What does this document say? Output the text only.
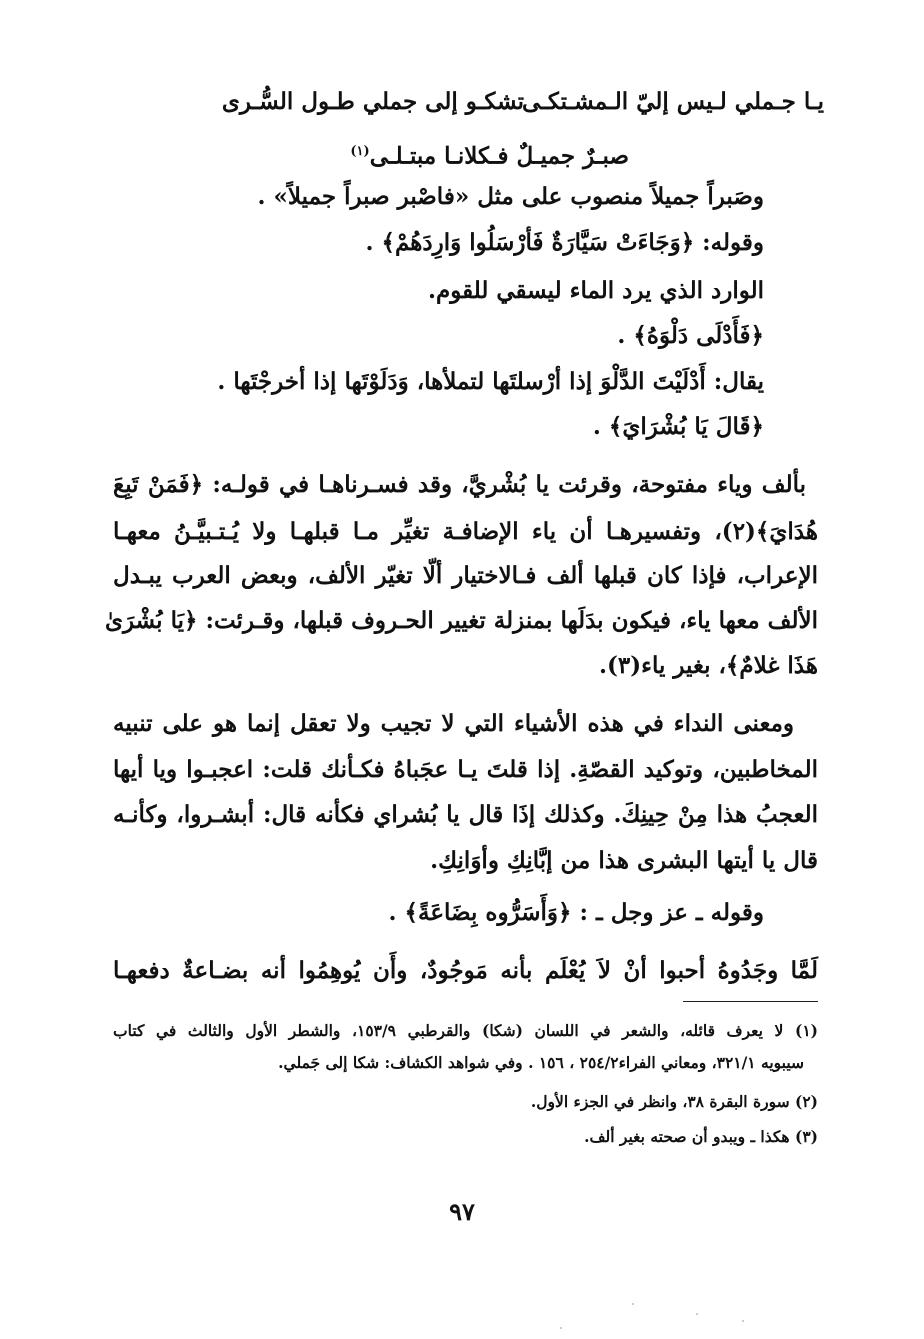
يـا جـملي لـيس إليّ الـمشـتكـى
تشكـو إلى جملي طـول السُّـرى
صبـرٌ جميـلٌ فـكلانـا مبتـلـى$^{(١)}$
وصَبراً جميلاً منصوب على مثل «فاصْبر صبراً جميلاً» .
وقوله: ﴿وَجَاءَتْ سَيَّارَةٌ فَأرْسَلُوا وَارِدَهُمْ﴾ .
الوارد الذي يرد الماء ليسقي للقوم.
﴿فَأَدْلَى دَلْوَهُ﴾ .
يقال: أَدْلَيْتَ الدَّلْوَ إذا أرْسلتَها لتملأها، وَدَلَوْتَها إذا أخرجْتَها .
﴿قَالَ يَا بُشْرَايَ﴾ .
بألف وياء مفتوحة، وقرئت يا بُشْريَّ، وقد فسـرناهـا في قولـه: ﴿فَمَنْ تَبِعَ
هُدَايَ﴾(٢)، وتفسيرهـا أن ياء الإضافـة تغيِّر مـا قبلهـا ولا يُـتـبيَّـنُ معهـا
الإعراب، فإذا كان قبلها ألف فـالاختيار ألّا تغيّر الألف، وبعض العرب يبـدل
الألف معها ياء، فيكون بدَلَها بمنزلة تغيير الحـروف قبلها، وقـرئت: ﴿يَا بُشْرَىٰ
هَذَا غلامٌ﴾، بغير ياء(٣).
ومعنى النداء في هذه الأشياء التي لا تجيب ولا تعقل إنما هو على تنبيه
المخاطبين، وتوكيد القصّةِ. إذا قلتَ يـا عجَباهُ فكـأنك قلت: اعجبـوا ويا أيها
العجبُ هذا مِنْ حِينِكَ. وكذلك إذَا قال يا بُشراي فكأنه قال: أبشـروا، وكأنـه
قال يا أيتها البشرى هذا من إبَّانِكِ وأوَانِكِ.
وقوله ـ عز وجل ـ : ﴿وَأَسَرُّوه بِضَاعَةً﴾ .
لَمَّا وجَدُوهُ أحبوا أنْ لاَ يُعْلَم بأنه مَوجُودٌ، وأَن يُوهِمُوا أنه بضـاعةٌ دفعهـا
(١) لا يعرف قائله، والشعر في اللسان (شكا) والقرطبي ١٥٣/٩، والشطر الأول والثالث في كتاب
سيبويه ٣٢١/١، ومعاني الفراء٢٥٤/٢ ، ١٥٦ . وفي شواهد الكشاف: شكا إلى جَملي.
(٢) سورة البقرة ٣٨، وانظر في الجزء الأول.
(٣) هكذا ـ ويبدو أن صحته بغير ألف.
٩٧
